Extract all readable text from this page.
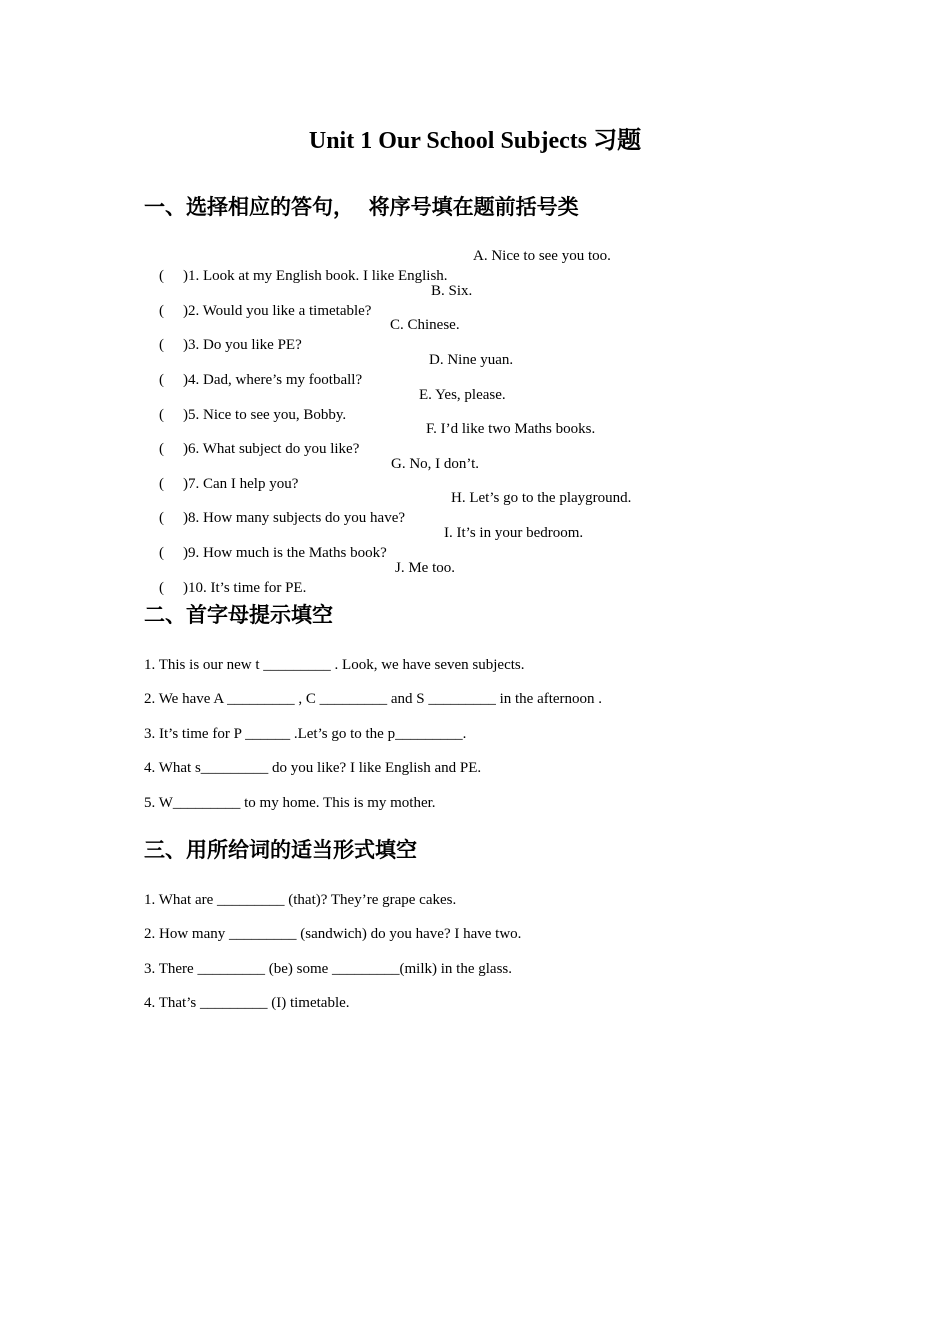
Unit 1 Our School Subjects 习题
一、选择相应的答句，  将序号填在题前括号类

( )1. Look at my English book. I like English.
A. Nice to see you too.

( )2. Would you like a timetable?
B. Six.

( )3. Do you like PE?
C. Chinese.

( )4. Dad, where’s my football?
D. Nine yuan.

( )5. Nice to see you, Bobby.
E. Yes, please.

( )6. What subject do you like?
F. I’d like two Maths books.

( )7. Can I help you?
G. No, I don’t.

( )8. How many subjects do you have?
H. Let’s go to the playground.

( )9. How much is the Maths book?
I. It’s in your bedroom.

( )10. It’s time for PE.
J. Me too.

二、首字母提示填空
1. This is our new t _________ . Look, we have seven subjects.
2. We have A _________ , C _________ and S _________ in the afternoon .
3. It’s time for P ______ .Let’s go to the p_________.
4. What s_________ do you like? I like English and PE.
5. W_________ to my home. This is my mother.
三、用所给词的适当形式填空
1. What are _________ (that)? They’re grape cakes.
2. How many _________ (sandwich) do you have? I have two.
3. There _________ (be) some _________(milk) in the glass.
4. That’s _________ (I) timetable.
